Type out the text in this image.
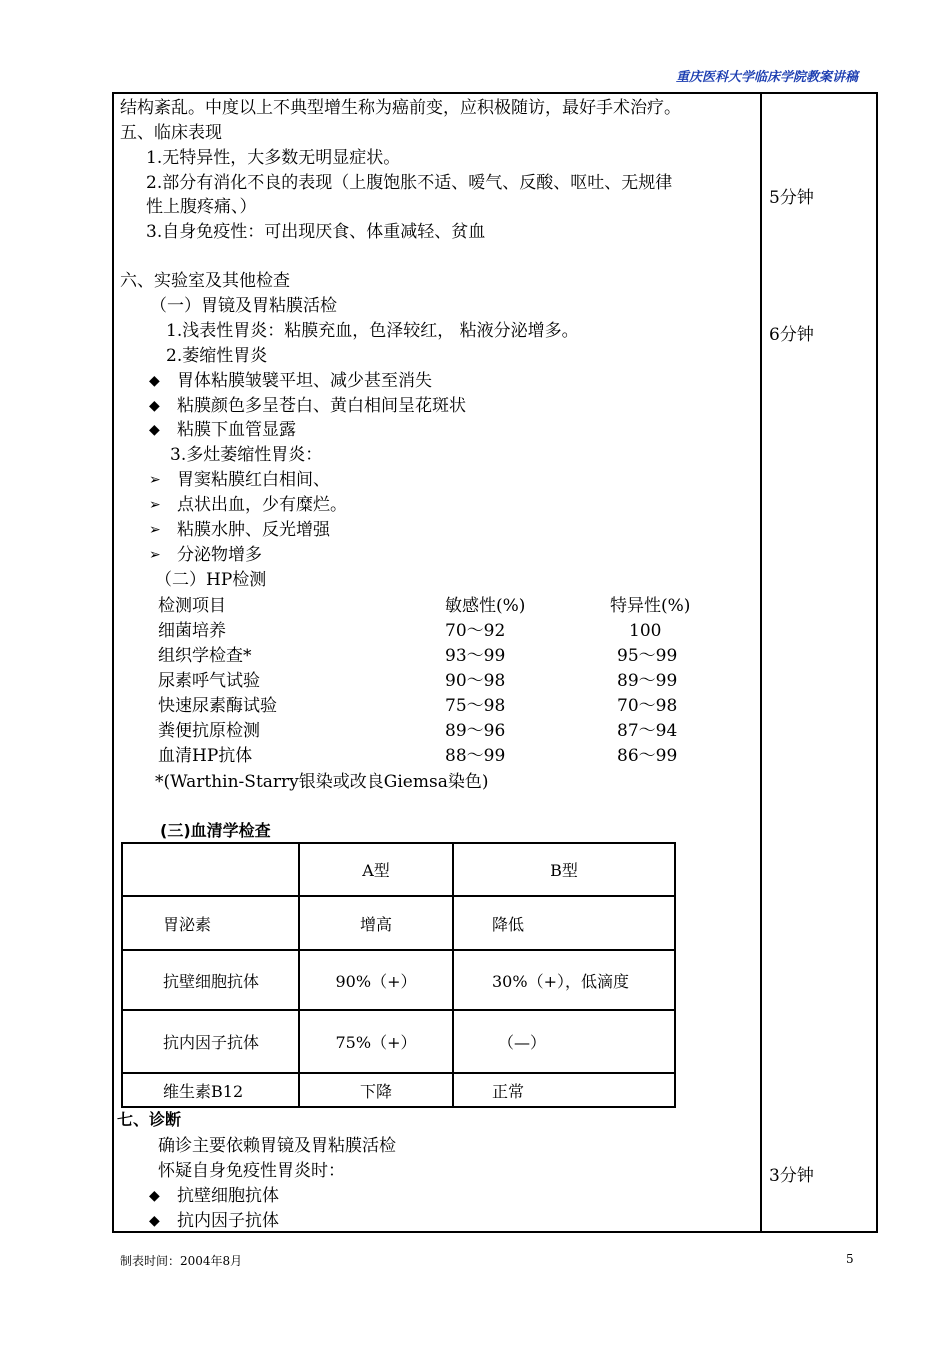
重庆医科大学临床学院教案讲稿
结构紊乱。中度以上不典型增生称为癌前变，应积极随访，最好手术治疗。
五、临床表现
1.无特异性，大多数无明显症状。
2.部分有消化不良的表现（上腹饱胀不适、嗳气、反酸、呕吐、无规律
性上腹疼痛、）
3.自身免疫性：可出现厌食、体重减轻、贫血
六、实验室及其他检查
（一）胃镜及胃粘膜活检
1.浅表性胃炎：粘膜充血，色泽较红， 粘液分泌增多。
2.萎缩性胃炎
◆ 胃体粘膜皱襞平坦、减少甚至消失
◆ 粘膜颜色多呈苍白、黄白相间呈花斑状
◆ 粘膜下血管显露
3.多灶萎缩性胃炎：
➢ 胃窦粘膜红白相间、
➢ 点状出血，少有糜烂。
➢ 粘膜水肿、反光增强
➢ 分泌物增多
（二）HP检测
检测项目	敏感性(%)	特异性(%)
细菌培养	70～92	100
组织学检查*	93～99	95～99
尿素呼气试验	90～98	89～99
快速尿素酶试验	75～98	70～98
粪便抗原检测	89～96	87～94
血清HP抗体	88～99	86～99
*(Warthin-Starry银染或改良Giemsa染色)
(三)血清学检查
	A型	B型
胃泌素	增高	降低
抗壁细胞抗体	90%（+）	30%（+），低滴度
抗内因子抗体	75%（+）	（—）
维生素B12	下降	正常
七、诊断
确诊主要依赖胃镜及胃粘膜活检
怀疑自身免疫性胃炎时：
◆ 抗壁细胞抗体
◆ 抗内因子抗体
5分钟
6分钟
3分钟
制表时间：2004年8月	5
